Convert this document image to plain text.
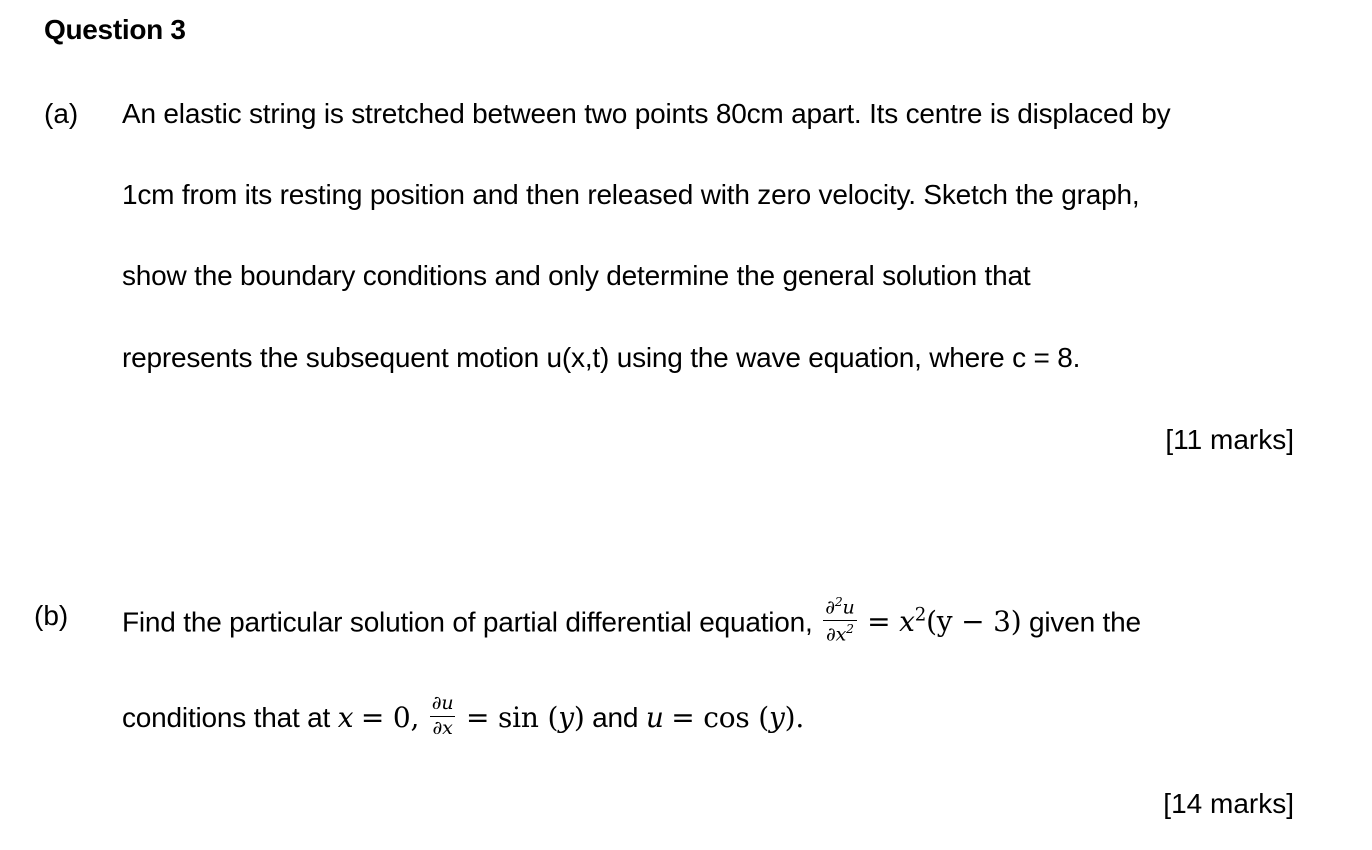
Question 3
(a) An elastic string is stretched between two points 80cm apart. Its centre is displaced by
1cm from its resting position and then released with zero velocity. Sketch the graph,
show the boundary conditions and only determine the general solution that
represents the subsequent motion u(x,t) using the wave equation, where c = 8.
[11 marks]
(b) Find the particular solution of partial differential equation, $\frac{\partial^2u}{\partial x^2} = x^2(y - 3)$ given the
conditions that at x = 0, $\frac{\partial u}{\partial x} = \sin (y)$ and u = cos (y).
[14 marks]
